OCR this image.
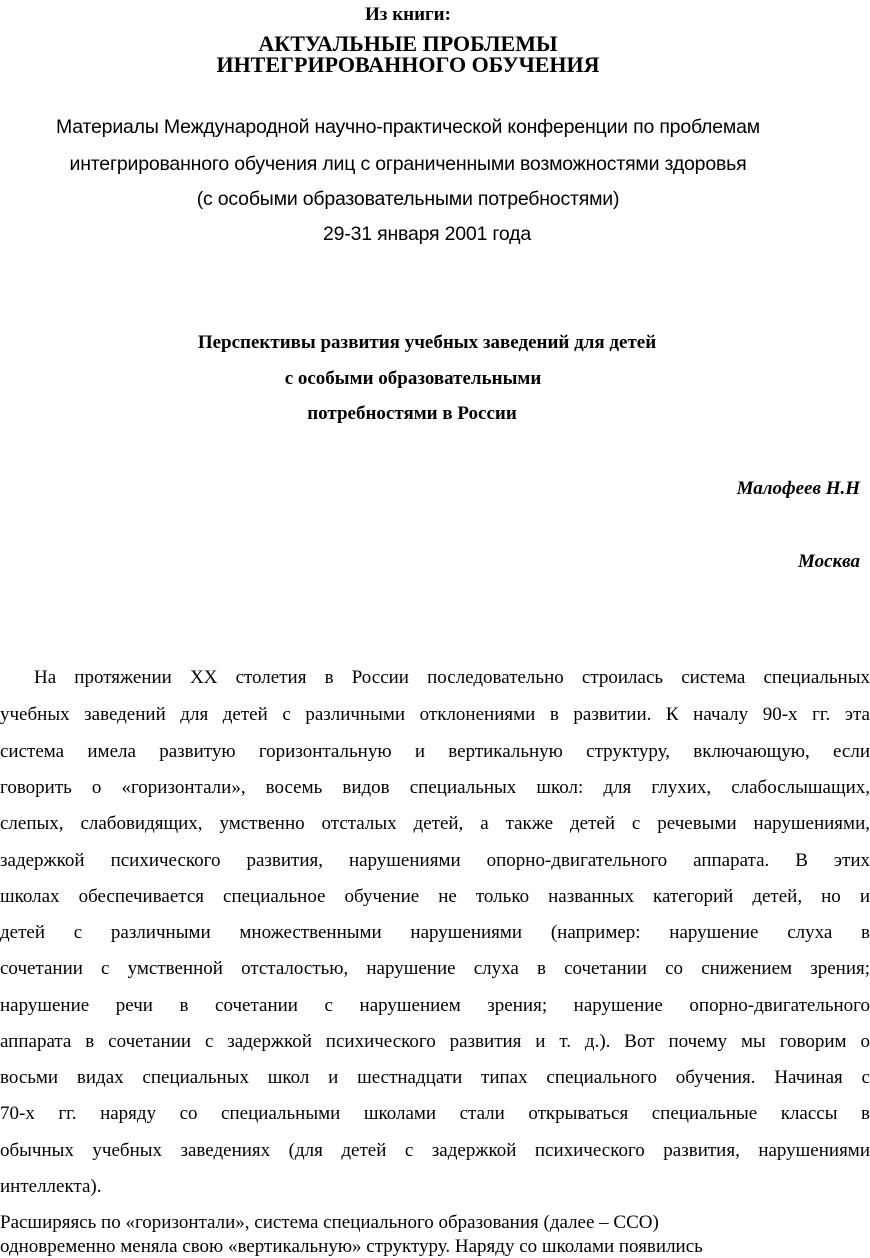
Из книги:
АКТУАЛЬНЫЕ ПРОБЛЕМЫ
ИНТЕГРИРОВАННОГО ОБУЧЕНИЯ
Материалы Международной научно-практической конференции по проблемам
интегрированного обучения лиц с ограниченными возможностями здоровья
(с особыми образовательными потребностями)
29-31 января 2001 года
Перспективы развития учебных заведений для детей
с особыми образовательными
потребностями в России
Малофеев Н.Н
Москва
На протяжении XX столетия в России последовательно строилась система специальных
учебных заведений для детей с различными отклонениями в развитии. К началу 90-х гг. эта
система имела развитую горизонтальную и вертикальную структуру, включающую, если
говорить о «горизонтали», восемь видов специальных школ: для глухих, слабослышащих,
слепых, слабовидящих, умственно отсталых детей, а также детей с речевыми нарушениями,
задержкой психического развития, нарушениями опорно-двигательного аппарата. В этих
школах обеспечивается специальное обучение не только названных категорий детей, но и
детей с различными множественными нарушениями (например: нарушение слуха в
сочетании с умственной отсталостью, нарушение слуха в сочетании со снижением зрения;
нарушение речи в сочетании с нарушением зрения; нарушение опорно-двигательного
аппарата в сочетании с задержкой психического развития и т. д.). Вот почему мы говорим о
восьми видах специальных школ и шестнадцати типах специального обучения. Начиная с
70-х гг. наряду со специальными школами стали открываться специальные классы в
обычных учебных заведениях (для детей с задержкой психического развития, нарушениями
интеллекта).
Расширяясь по «горизонтали», система специального образования (далее – ССО)
одновременно меняла свою «вертикальную» структуру. Наряду со школами появились
